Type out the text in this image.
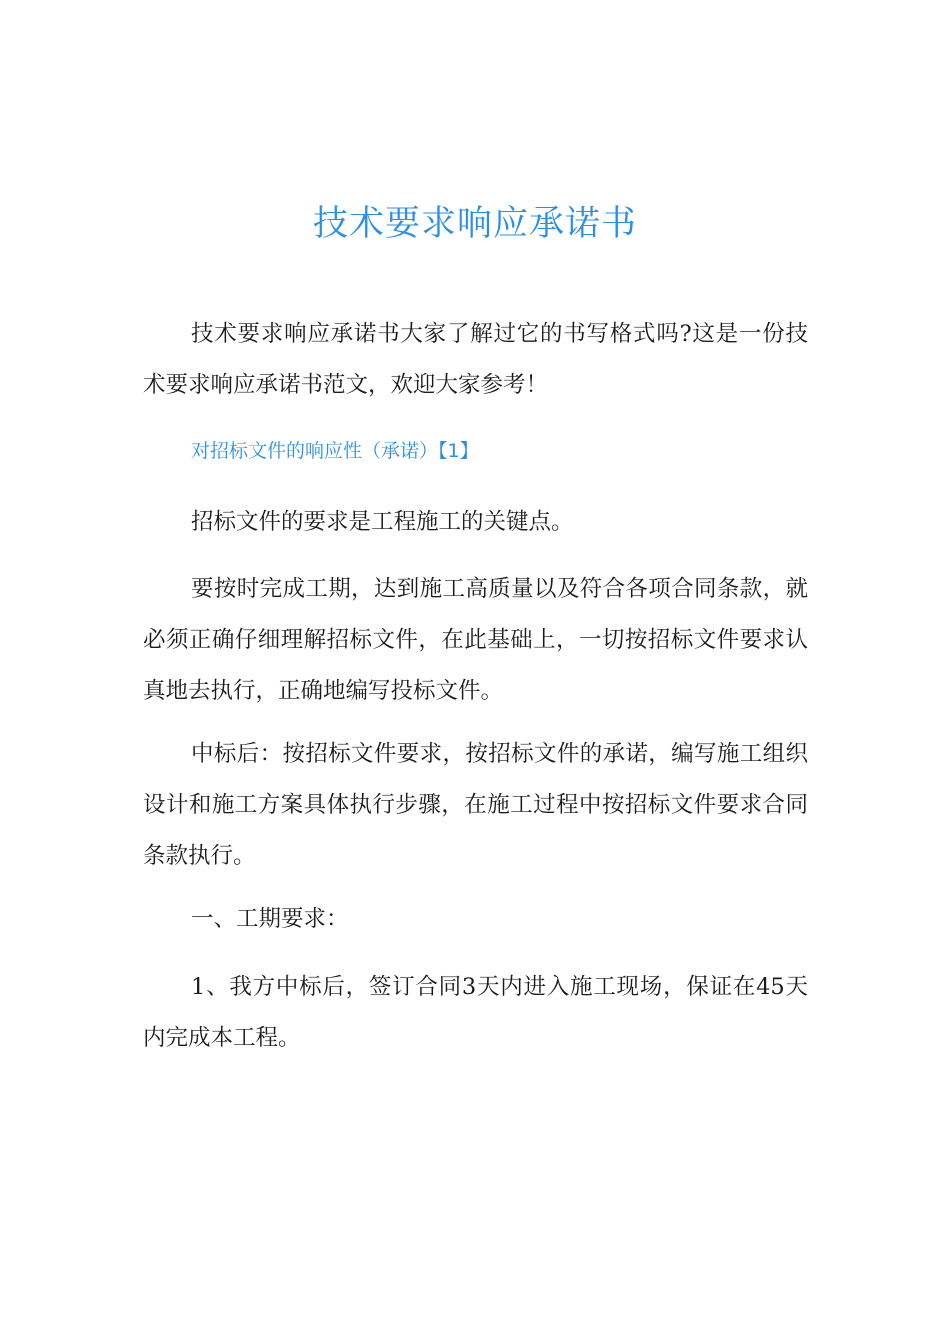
技术要求响应承诺书

技术要求响应承诺书大家了解过它的书写格式吗?这是一份技术要求响应承诺书范文，欢迎大家参考！

对招标文件的响应性（承诺）【1】

招标文件的要求是工程施工的关键点。

要按时完成工期，达到施工高质量以及符合各项合同条款，就必须正确仔细理解招标文件，在此基础上，一切按招标文件要求认真地去执行，正确地编写投标文件。

中标后：按招标文件要求，按招标文件的承诺，编写施工组织设计和施工方案具体执行步骤，在施工过程中按招标文件要求合同条款执行。

一、工期要求：

1、我方中标后，签订合同3天内进入施工现场，保证在45天内完成本工程。
